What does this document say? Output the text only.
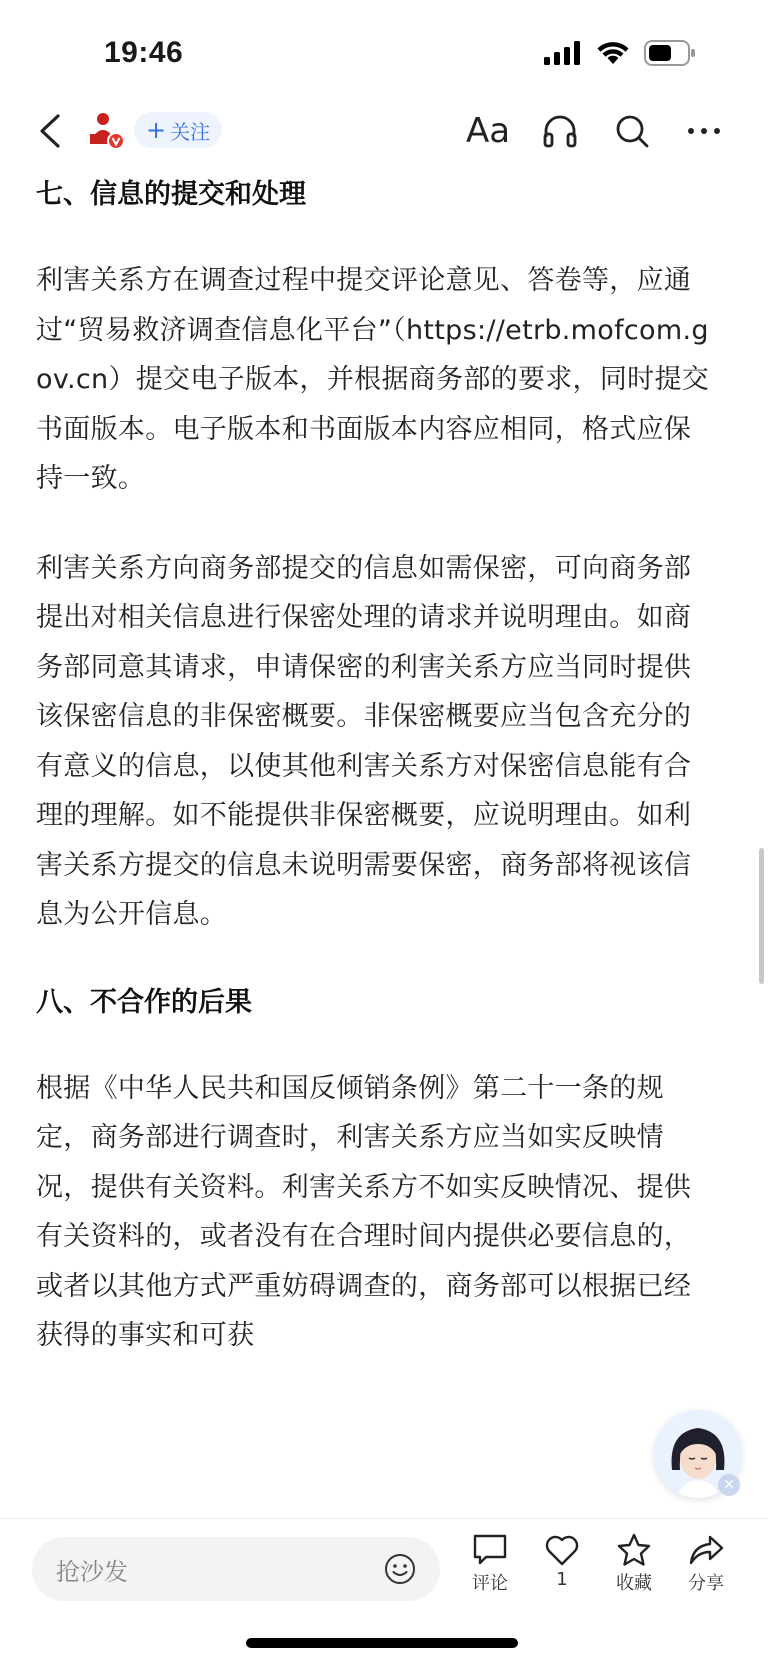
19:46
+ 关注	Aa
七、信息的提交和处理

利害关系方在调查过程中提交评论意见、答卷等，应通过“贸易救济调查信息化平台”（https://etrb.mofcom.gov.cn）提交电子版本，并根据商务部的要求，同时提交书面版本。电子版本和书面版本内容应相同，格式应保持一致。

利害关系方向商务部提交的信息如需保密，可向商务部提出对相关信息进行保密处理的请求并说明理由。如商务部同意其请求，申请保密的利害关系方应当同时提供该保密信息的非保密概要。非保密概要应当包含充分的有意义的信息，以使其他利害关系方对保密信息能有合理的理解。如不能提供非保密概要，应说明理由。如利害关系方提交的信息未说明需要保密，商务部将视该信息为公开信息。

八、不合作的后果

根据《中华人民共和国反倾销条例》第二十一条的规定，商务部进行调查时，利害关系方应当如实反映情况，提供有关资料。利害关系方不如实反映情况、提供有关资料的，或者没有在合理时间内提供必要信息的，或者以其他方式严重妨碍调查的，商务部可以根据已经获得的事实和可获

✕
抢沙发	评论	1	收藏 分享
